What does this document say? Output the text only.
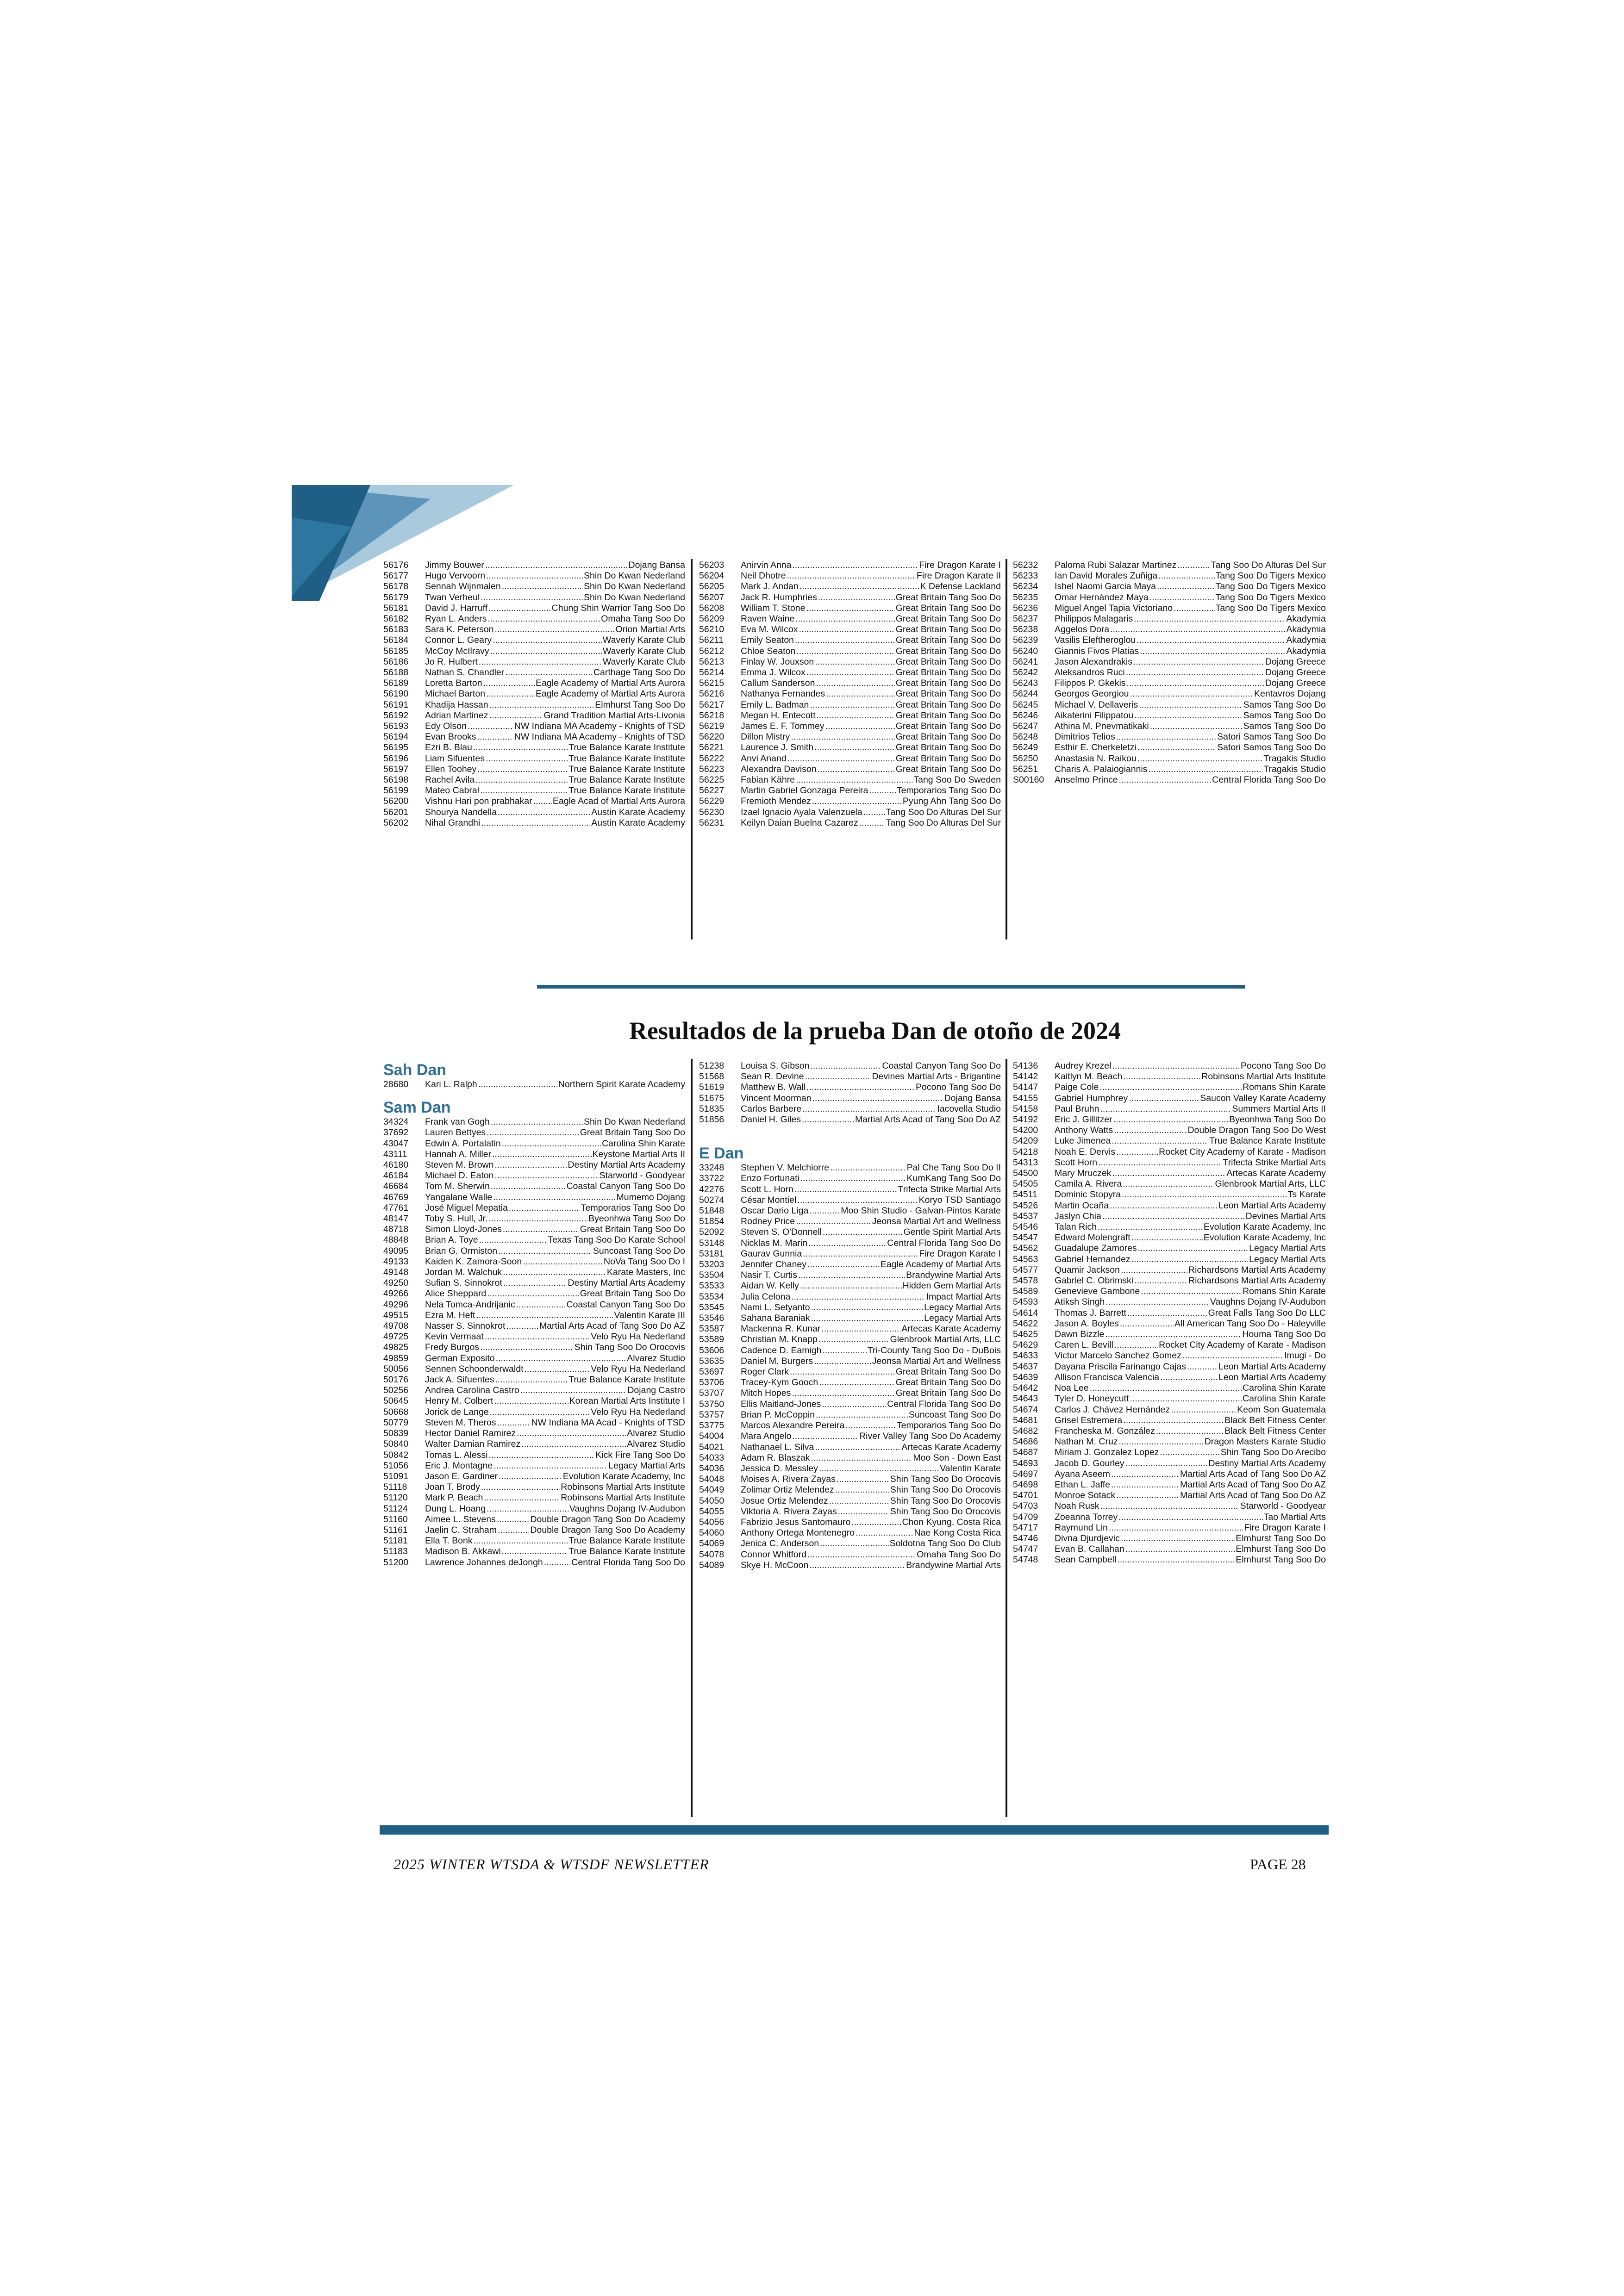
56176	Jimmy Bouwer .....	Dojang Bansa
56177	Hugo Vervoorn .....	Shin Do Kwan Nederland
56178	Sennah Wijnmalen .....	Shin Do Kwan Nederland
56179	Twan Verheul .....	Shin Do Kwan Nederland
56181	David J. Harruff .....	Chung Shin Warrior Tang Soo Do
56182	Ryan L. Anders .....	Omaha Tang Soo Do
56183	Sara K. Peterson .....	Orion Martial Arts
56184	Connor L. Geary .....	Waverly Karate Club
56185	McCoy McIlravy .....	Waverly Karate Club
56186	Jo R. Hulbert .....	Waverly Karate Club
56188	Nathan S. Chandler .....	Carthage Tang Soo Do
56189	Loretta Barton .....	Eagle Academy of Martial Arts Aurora
56190	Michael Barton .....	Eagle Academy of Martial Arts Aurora
56191	Khadija Hassan .....	Elmhurst Tang Soo Do
56192	Adrian Martinez .....	Grand Tradition Martial Arts-Livonia
56193	Edy Olson .....	NW Indiana MA Academy - Knights of TSD
56194	Evan Brooks .....	NW Indiana MA Academy - Knights of TSD
56195	Ezri B. Blau .....	True Balance Karate Institute
56196	Liam Sifuentes .....	True Balance Karate Institute
56197	Ellen Toohey .....	True Balance Karate Institute
56198	Rachel Avila .....	True Balance Karate Institute
56199	Mateo Cabral .....	True Balance Karate Institute
56200	Vishnu Hari pon prabhakar ..... Eagle Acad of Martial Arts Aurora
56201	Shourya Nandella .....	Austin Karate Academy
56202	Nihal Grandhi .....	Austin Karate Academy
56203	Anirvin Anna .....	Fire Dragon Karate I
56204	Neil Dhotre .....	Fire Dragon Karate II
56205	Mark J. Andan .....	K Defense Lackland
56207	Jack R. Humphries .....	Great Britain Tang Soo Do
56208	William T. Stone .....	Great Britain Tang Soo Do
56209	Raven Waine .....	Great Britain Tang Soo Do
56210	Eva M. Wilcox .....	Great Britain Tang Soo Do
56211	Emily Seaton .....	Great Britain Tang Soo Do
56212	Chloe Seaton .....	Great Britain Tang Soo Do
56213	Finlay W. Jouxson .....	Great Britain Tang Soo Do
56214	Emma J. Wilcox .....	Great Britain Tang Soo Do
56215	Callum Sanderson .....	Great Britain Tang Soo Do
56216	Nathanya Fernandes .....	Great Britain Tang Soo Do
56217	Emily L. Badman .....	Great Britain Tang Soo Do
56218	Megan H. Entecott .....	Great Britain Tang Soo Do
56219	James E. F. Tommey .....	Great Britain Tang Soo Do
56220	Dillon Mistry .....	Great Britain Tang Soo Do
56221	Laurence J. Smith .....	Great Britain Tang Soo Do
56222	Anvi Anand .....	Great Britain Tang Soo Do
56223	Alexandra Davison .....	Great Britain Tang Soo Do
56225	Fabian Kähre .....	Tang Soo Do Sweden
56227	Martin Gabriel Gonzaga Pereira .....	Temporarios Tang Soo Do
56229	Fremioth Mendez .....	Pyung Ahn Tang Soo Do
56230	Izael Ignacio Ayala Valenzuela .....	Tang Soo Do Alturas Del Sur
56231	Keilyn Daian Buelna Cazarez .....	Tang Soo Do Alturas Del Sur
56232	Paloma Rubi Salazar Martinez .....	Tang Soo Do Alturas Del Sur
56233	Ian David Morales Zuñiga .....	Tang Soo Do Tigers Mexico
56234	Ishel Naomi Garcia Maya .....	Tang Soo Do Tigers Mexico
56235	Omar Hernández Maya .....	Tang Soo Do Tigers Mexico
56236	Miguel Angel Tapia Victoriano .....	Tang Soo Do Tigers Mexico
56237	Philippos Malagaris .....	Akadymia
56238	Aggelos Dora .....	Akadymia
56239	Vasilis Eleftheroglou .....	Akadymia
56240	Giannis Fivos Platias .....	Akadymia
56241	Jason Alexandrakis .....	Dojang Greece
56242	Aleksandros Ruci .....	Dojang Greece
56243	Filippos P. Gkekis .....	Dojang Greece
56244	Georgos Georgiou .....	Kentavros Dojang
56245	Michael V. Dellaveris .....	Samos Tang Soo Do
56246	Aikaterini Filippatou .....	Samos Tang Soo Do
56247	Athina M. Pnevmatikaki .....	Samos Tang Soo Do
56248	Dimitrios Telios .....	Satori Samos Tang Soo Do
56249	Esthir E. Cherkeletzi .....	Satori Samos Tang Soo Do
56250	Anastasia N. Raikou .....	Tragakis Studio
56251	Charis A. Palaiogiannis .....	Tragakis Studio
S00160	Anselmo Prince .....	Central Florida Tang Soo Do
Resultados de la prueba Dan de otoño de 2024
Sah Dan
28680	Kari L. Ralph .....	Northern Spirit Karate Academy
Sam Dan
34324	Frank van Gogh .....	Shin Do Kwan Nederland
37692	Lauren Bettyes .....	Great Britain Tang Soo Do
43047	Edwin A. Portalatin .....	Carolina Shin Karate
43111	Hannah A. Miller .....	Keystone Martial Arts II
46180	Steven M. Brown .....	Destiny Martial Arts Academy
46184	Michael D. Eaton .....	Starworld - Goodyear
46684	Tom M. Sherwin .....	Coastal Canyon Tang Soo Do
46769	Yangalane Walle .....	Mumemo Dojang
47761	José Miguel Mepatia .....	Temporarios Tang Soo Do
48147	Toby S. Hull, Jr. .....	Byeonhwa Tang Soo Do
48718	Simon Lloyd-Jones .....	Great Britain Tang Soo Do
48848	Brian A. Toye .....	Texas Tang Soo Do Karate School
49095	Brian G. Ormiston .....	Suncoast Tang Soo Do
49133	Kaiden K. Zamora-Soon .....	NoVa Tang Soo Do I
49148	Jordan M. Walchuk .....	Karate Masters, Inc
49250	Sufian S. Sinnokrot .....	Destiny Martial Arts Academy
49266	Alice Sheppard .....	Great Britain Tang Soo Do
49296	Nela Tomca-Andrijanic .....	Coastal Canyon Tang Soo Do
49515	Ezra M. Heft .....	Valentin Karate III
49708	Nasser S. Sinnokrot .....	Martial Arts Acad of Tang Soo Do AZ
49725	Kevin Vermaat .....	Velo Ryu Ha Nederland
49825	Fredy Burgos .....	Shin Tang Soo Do Orocovis
49859	German Exposito .....	Alvarez Studio
50056	Sennen Schoonderwaldt .....	Velo Ryu Ha Nederland
50176	Jack A. Sifuentes .....	True Balance Karate Institute
50256	Andrea Carolina Castro .....	Dojang Castro
50645	Henry M. Colbert .....	Korean Martial Arts Institute I
50668	Jorick de Lange .....	Velo Ryu Ha Nederland
50779	Steven M. Theros .....	NW Indiana MA Acad - Knights of TSD
50839	Hector Daniel Ramirez .....	Alvarez Studio
50840	Walter Damian Ramirez .....	Alvarez Studio
50842	Tomas L. Alessi .....	Kick Fire Tang Soo Do
51056	Eric J. Montagne .....	Legacy Martial Arts
51091	Jason E. Gardiner .....	Evolution Karate Academy, Inc
51118	Joan T. Brody .....	Robinsons Martial Arts Institute
51120	Mark P. Beach .....	Robinsons Martial Arts Institute
51124	Dung L. Hoang .....	Vaughns Dojang IV-Audubon
51160	Aimee L. Stevens .....	Double Dragon Tang Soo Do Academy
51161	Jaelin C. Straham .....	Double Dragon Tang Soo Do Academy
51181	Ella T. Bonk .....	True Balance Karate Institute
51183	Madison B. Akkawi .....	True Balance Karate Institute
51200	Lawrence Johannes deJongh .....	Central Florida Tang Soo Do
51238	Louisa S. Gibson .....	Coastal Canyon Tang Soo Do
51568	Sean R. Devine .....	Devines Martial Arts - Brigantine
51619	Matthew B. Wall .....	Pocono Tang Soo Do
51675	Vincent Moorman .....	Dojang Bansa
51835	Carlos Barbere .....	Iacovella Studio
51856	Daniel H. Giles .....	Martial Arts Acad of Tang Soo Do AZ
E Dan
33248	Stephen V. Melchiorre .....	Pal Che Tang Soo Do II
33722	Enzo Fortunati .....	KumKang Tang Soo Do
42276	Scott L. Horn .....	Trifecta Strike Martial Arts
50274	César Montiel .....	Koryo TSD Santiago
51848	Oscar Dario Liga .....	Moo Shin Studio - Galvan-Pintos Karate
51854	Rodney Price .....	Jeonsa Martial Art and Wellness
52092	Steven S. O'Donnell .....	Gentle Spirit Martial Arts
53148	Nicklas M. Marin .....	Central Florida Tang Soo Do
53181	Gaurav Gunnia .....	Fire Dragon Karate I
53203	Jennifer Chaney .....	Eagle Academy of Martial Arts
53504	Nasir T. Curtis .....	Brandywine Martial Arts
53533	Aidan W. Kelly .....	Hidden Gem Martial Arts
53534	Julia Celona .....	Impact Martial Arts
53545	Nami L. Setyanto .....	Legacy Martial Arts
53546	Sahana Baraniak .....	Legacy Martial Arts
53587	Mackenna R. Kunar .....	Artecas Karate Academy
53589	Christian M. Knapp .....	Glenbrook Martial Arts, LLC
53606	Cadence D. Eamigh .....	Tri-County Tang Soo Do - DuBois
53635	Daniel M. Burgers .....	Jeonsa Martial Art and Wellness
53697	Roger Clark .....	Great Britain Tang Soo Do
53706	Tracey-Kym Gooch .....	Great Britain Tang Soo Do
53707	Mitch Hopes .....	Great Britain Tang Soo Do
53750	Ellis Maitland-Jones .....	Central Florida Tang Soo Do
53757	Brian P. McCoppin .....	Suncoast Tang Soo Do
53775	Marcos Alexandre Pereira .....	Temporarios Tang Soo Do
54004	Mara Angelo .....	River Valley Tang Soo Do Academy
54021	Nathanael L. Silva .....	Artecas Karate Academy
54033	Adam R. Blaszak .....	Moo Son - Down East
54036	Jessica D. Messley .....	Valentin Karate
54048	Moises A. Rivera Zayas .....	Shin Tang Soo Do Orocovis
54049	Zolimar Ortiz Melendez .....	Shin Tang Soo Do Orocovis
54050	Josue Ortiz Melendez .....	Shin Tang Soo Do Orocovis
54055	Viktoria A. Rivera Zayas .....	Shin Tang Soo Do Orocovis
54056	Fabrizio Jesus Santomauro .....	Chon Kyung, Costa Rica
54060	Anthony Ortega Montenegro .....	Nae Kong Costa Rica
54069	Jenica C. Anderson .....	Soldotna Tang Soo Do Club
54078	Connor Whitford .....	Omaha Tang Soo Do
54089	Skye H. McCoon .....	Brandywine Martial Arts
54136	Audrey Krezel .....	Pocono Tang Soo Do
54142	Kaitlyn M. Beach .....	Robinsons Martial Arts Institute
54147	Paige Cole .....	Romans Shin Karate
54155	Gabriel Humphrey .....	Saucon Valley Karate Academy
54158	Paul Bruhn .....	Summers Martial Arts II
54192	Eric J. Gillitzer .....	Byeonhwa Tang Soo Do
54200	Anthony Watts .....	Double Dragon Tang Soo Do West
54209	Luke Jimenea .....	True Balance Karate Institute
54218	Noah E. Dervis .....	Rocket City Academy of Karate - Madison
54313	Scott Horn .....	Trifecta Strike Martial Arts
54500	Mary Mruczek .....	Artecas Karate Academy
54505	Camila A. Rivera .....	Glenbrook Martial Arts, LLC
54511	Dominic Stopyra .....	Ts Karate
54526	Martin Ocaña .....	Leon Martial Arts Academy
54537	Jaslyn Chia .....	Devines Martial Arts
54546	Talan Rich .....	Evolution Karate Academy, Inc
54547	Edward Molengraft .....	Evolution Karate Academy, Inc
54562	Guadalupe Zamores .....	Legacy Martial Arts
54563	Gabriel Hernandez .....	Legacy Martial Arts
54577	Quamir Jackson .....	Richardsons Martial Arts Academy
54578	Gabriel C. Obrimski .....	Richardsons Martial Arts Academy
54589	Genevieve Gambone .....	Romans Shin Karate
54593	Atiksh Singh .....	Vaughns Dojang IV-Audubon
54614	Thomas J. Barrett .....	Great Falls Tang Soo Do LLC
54622	Jason A. Boyles .....	All American Tang Soo Do - Haleyville
54625	Dawn Bizzle .....	Houma Tang Soo Do
54629	Caren L. Bevill .....	Rocket City Academy of Karate - Madison
54633	Victor Marcelo Sanchez Gomez .....	Imugi - Do
54637	Dayana Priscila Farinango Cajas .....	Leon Martial Arts Academy
54639	Allison Francisca Valencia .....	Leon Martial Arts Academy
54642	Noa Lee .....	Carolina Shin Karate
54643	Tyler D. Honeycutt .....	Carolina Shin Karate
54674	Carlos J. Chávez Hernández .....	Keom Son Guatemala
54681	Grisel Estremera .....	Black Belt Fitness Center
54682	Francheska M. González .....	Black Belt Fitness Center
54686	Nathan M. Cruz .....	Dragon Masters Karate Studio
54687	Miriam J. Gonzalez Lopez .....	Shin Tang Soo Do Arecibo
54693	Jacob D. Gourley .....	Destiny Martial Arts Academy
54697	Ayana Aseem .....	Martial Arts Acad of Tang Soo Do AZ
54698	Ethan L. Jaffe .....	Martial Arts Acad of Tang Soo Do AZ
54701	Monroe Sotack .....	Martial Arts Acad of Tang Soo Do AZ
54703	Noah Rusk .....	Starworld - Goodyear
54709	Zoeanna Torrey .....	Tao Martial Arts
54717	Raymund Lin .....	Fire Dragon Karate I
54746	Divna Djurdjevic .....	Elmhurst Tang Soo Do
54747	Evan B. Callahan .....	Elmhurst Tang Soo Do
54748	Sean Campbell .....	Elmhurst Tang Soo Do
2025 WINTER WTSDA & WTSDF NEWSLETTER	PAGE 28
